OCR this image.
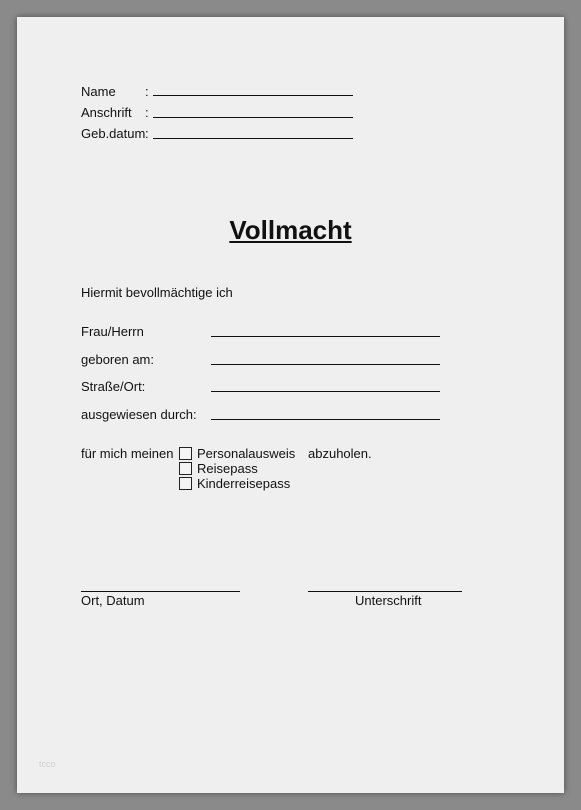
Name :
Anschrift :
Geb.datum :
Vollmacht
Hiermit bevollmächtige ich
Frau/Herrn
geboren am:
Straße/Ort:
ausgewiesen durch:
für mich meinen Personalausweis
Reisepass
Kinderreisepass
abzuholen.
Ort, Datum	Unterschrift
tcco
